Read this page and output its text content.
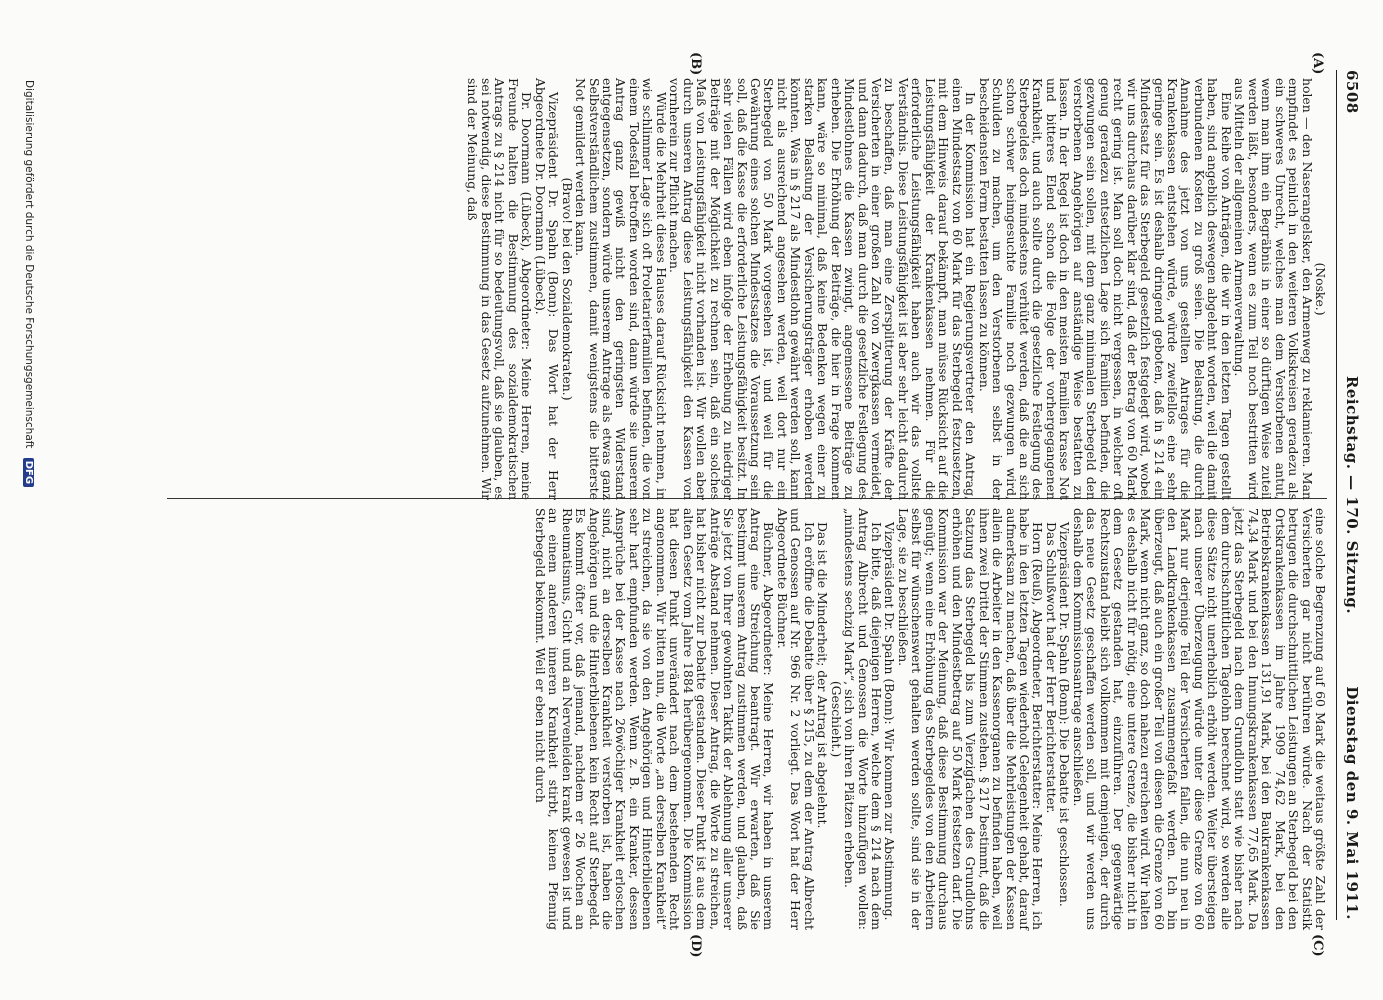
6508
Reichstag. — 170. Sitzung.
Dienstag den 9. Mai 1911.
(A)
(B)
(C)
(D)

(Noske.)

holen — den Naserangelsker, den Armenweg zu reklamieren. Man empfindet es peinlich in den weiteren Volkskreisen geradezu als ein schweres Unrecht, welches man dem Verstorbenen antut, wenn man ihm ein Begräbnis in einer so dürftigen Weise zuteil werden läßt, besonders, wenn es zum Teil noch bestritten wird aus Mitteln der allgemeinen Armenverwaltung.

Eine Reihe von Anträgen, die wir in den letzten Tagen gestellt haben, sind angeblich deswegen abgelehnt worden, weil die damit verbundenen Kosten zu groß seien. Die Belastung, die durch Annahme des jetzt von uns gestellten Antrages für die Krankenkassen entstehen würde, würde zweifellos eine sehr geringe sein. Es ist deshalb dringend geboten, daß in § 214 ein Mindestsatz für das Sterbegeld gesetzlich festgelegt wird, wobei wir uns durchaus darüber klar sind, daß der Betrag von 60 Mark recht gering ist. Man soll doch nicht vergessen, in welcher oft genug geradezu entsetzlichen Lage sich Familien befinden, die gezwungen sein sollen, mit dem ganz minimalen Sterbegeld den verstorbenen Angehörigen auf anständige Weise bestatten zu lassen. In der Regel ist doch in den meisten Familien krasse Not und bitteres Elend schon die Folge der vorhergegangenen Krankheit, und auch sollte durch die gesetzliche Festlegung des Sterbegeldes doch mindestens verhütet werden, daß die an sich schon schwer heimgesuchte Familie noch gezwungen wird, Schulden zu machen, um den Verstorbenen selbst in der bescheidensten Form bestatten lassen zu können.

In der Kommission hat ein Regierungsvertreter den Antrag, einen Mindestsatz von 60 Mark für das Sterbegeld festzusetzen, mit dem Hinweis darauf bekämpft, man müsse Rücksicht auf die Leistungsfähigkeit der Krankenkassen nehmen. Für die erforderliche Leistungsfähigkeit haben auch wir das vollste Verständnis. Diese Leistungsfähigkeit ist aber sehr leicht dadurch zu beschaffen, daß man eine Zersplitterung der Kräfte der Versicherten in einer großen Zahl von Zwergkassen vermeidet, und dann dadurch, daß man durch die gesetzliche Festlegung des Mindestlohnes die Kassen zwingt, angemessene Beiträge zu erheben. Die Erhöhung der Beiträge, die hier in Frage kommen kann, wäre so minimal, daß keine Bedenken wegen einer zu starken Belastung der Versicherungsträger erhoben werden könnten. Was in § 217 als Mindestlohn gewährt werden soll, kann nicht als ausreichend angesehen werden, weil dort nur ein Sterbegeld von 50 Mark vorgesehen ist, und weil für die Gewährung eines solchen Mindestsatzes die Voraussetzung sein soll, daß die Kasse die erforderliche Leistungsfähigkeit besitzt. In sehr vielen Fällen wird eben infolge der Erhebung zu niedriger Beiträge mit der Möglichkeit zu rechnen sein, daß ein solches Maß von Leistungsfähigkeit nicht vorhanden ist. Wir wollen aber durch unseren Antrag diese Leistungsfähigkeit den Kassen von vornherein zur Pflicht machen.

Würde die Mehrheit dieses Hauses darauf Rücksicht nehmen, in wie schlimmer Lage sich oft Proletarierfamilien befinden, die von einem Todesfall betroffen worden sind, dann würde sie unserem Antrag ganz gewiß nicht den geringsten Widerstand entgegensetzen, sondern würde unserem Antrage als etwas ganz Selbstverständlichem zustimmen, damit wenigstens die bitterste Not gemildert werden kann.

(Bravo! bei den Sozialdemokraten.)

Vizepräsident Dr. Spahn (Bonn): Das Wort hat der Herr Abgeordnete Dr. Doormann (Lübeck).

Dr. Doormann (Lübeck), Abgeordneter: Meine Herren, meine Freunde halten die Bestimmung des sozialdemokratischen Antrags zu § 214 nicht für so bedeutungsvoll, daß sie glauben, es sei notwendig, diese Bestimmung in das Gesetz aufzunehmen. Wir sind der Meinung, daß

eine solche Begrenzung auf 60 Mark die weitaus größte Zahl der Versicherten gar nicht berühren würde. Nach der Statistik betrugen die durchschnittlichen Leistungen an Sterbegeld bei den Ortskrankenkassen im Jahre 1909 74,62 Mark, bei den Betriebskrankenkassen 131,91 Mark, bei den Baukrankenkassen 74,34 Mark und bei den Innungskrankenkassen 77,65 Mark. Da jetzt das Sterbegeld nach dem Grundlohn statt wie bisher nach dem durchschnittlichen Tagelohn berechnet wird, so werden alle diese Sätze nicht unerheblich erhöht werden. Weiter übersteigen nach unserer Überzeugung würde unter diese Grenze von 60 Mark nur derjenige Teil der Versicherten fallen, die nun neu in den Landkrankenkassen zusammengefaßt werden. Ich bin überzeugt, daß auch ein großer Teil von diesen die Grenze von 60 Mark, wenn nicht ganz, so doch nahezu erreichen wird. Wir halten es deshalb nicht für nötig, eine untere Grenze, die bisher nicht in dem Gesetz gestanden hat, einzuführen. Der gegenwärtige Rechtszustand bleibt sich vollkommen mit demjenigen, der durch das neue Gesetz geschaffen werden soll, und wir werden uns deshalb dem Kommissionsantrage anschließen.

Vizepräsident Dr. Spahn (Bonn): Die Debatte ist geschlossen.

Das Schlußwort hat der Herr Berichterstatter.

Horn (Reuß), Abgeordneter, Berichterstatter: Meine Herren, ich habe in den letzten Tagen wiederholt Gelegenheit gehabt, darauf aufmerksam zu machen, daß über die Mehrleistungen der Kassen allein die Arbeiter in den Kassenorganen zu befinden haben, weil ihnen zwei Drittel der Stimmen zustehen. § 217 bestimmt, daß die Satzung das Sterbegeld bis zum Vierzigfachen des Grundlohns erhöhen und den Mindestbetrag auf 50 Mark festsetzen darf. Die Kommission war der Meinung, daß diese Bestimmung durchaus genügt; wenn eine Erhöhung des Sterbegeldes von den Arbeitern selbst für wünschenswert gehalten werden sollte, sind sie in der Lage, sie zu beschließen.

Vizepräsident Dr. Spahn (Bonn): Wir kommen zur Abstimmung.

Ich bitte, daß diejenigen Herren, welche dem § 214 nach dem Antrag Albrecht und Genossen die Worte hinzufügen wollen: „mindestens sechzig Mark“, sich von ihren Plätzen erheben.

(Geschieht.)

Das ist die Minderheit; der Antrag ist abgelehnt.

Ich eröffne die Debatte über § 215, zu dem der Antrag Albrecht und Genossen auf Nr. 966 Nr. 2 vorliegt. Das Wort hat der Herr Abgeordnete Büchner.

Büchner, Abgeordneter: Meine Herren, wir haben in unserem Antrag eine Streichung beantragt. Wir erwarten, daß Sie bestimmt unserem Antrag zustimmen werden, und glauben, daß Sie jetzt von Ihrer gewohnten Taktik der Ablehnung aller unserer Anträge Abstand nehmen. Dieser Antrag, die Worte zu streichen, hat bisher nicht zur Debatte gestanden. Dieser Punkt ist aus dem alten Gesetz vom Jahre 1884 herübergenommen. Die Kommission hat diesen Punkt unverändert nach dem bestehenden Recht angenommen. Wir bitten nun, die Worte „an derselben Krankheit“ zu streichen, da sie von den Angehörigen und Hinterbliebenen sehr hart empfunden werden. Wenn z. B. ein Kranker, dessen Ansprüche bei der Kasse nach 26wöchiger Krankheit erloschen sind, nicht an derselben Krankheit verstorben ist, haben die Angehörigen und die Hinterbliebenen kein Recht auf Sterbegeld. Es kommt öfter vor, daß jemand, nachdem er 26 Wochen an Rheumatismus, Gicht und an Nervenleiden krank gewesen ist und an einem anderen inneren Krankheit stirbt, keinen Pfennig Sterbegeld bekommt. Weil er eben nicht durch

Digitalisierung gefördert durch die Deutsche Forschungsgemeinschaft DFG
